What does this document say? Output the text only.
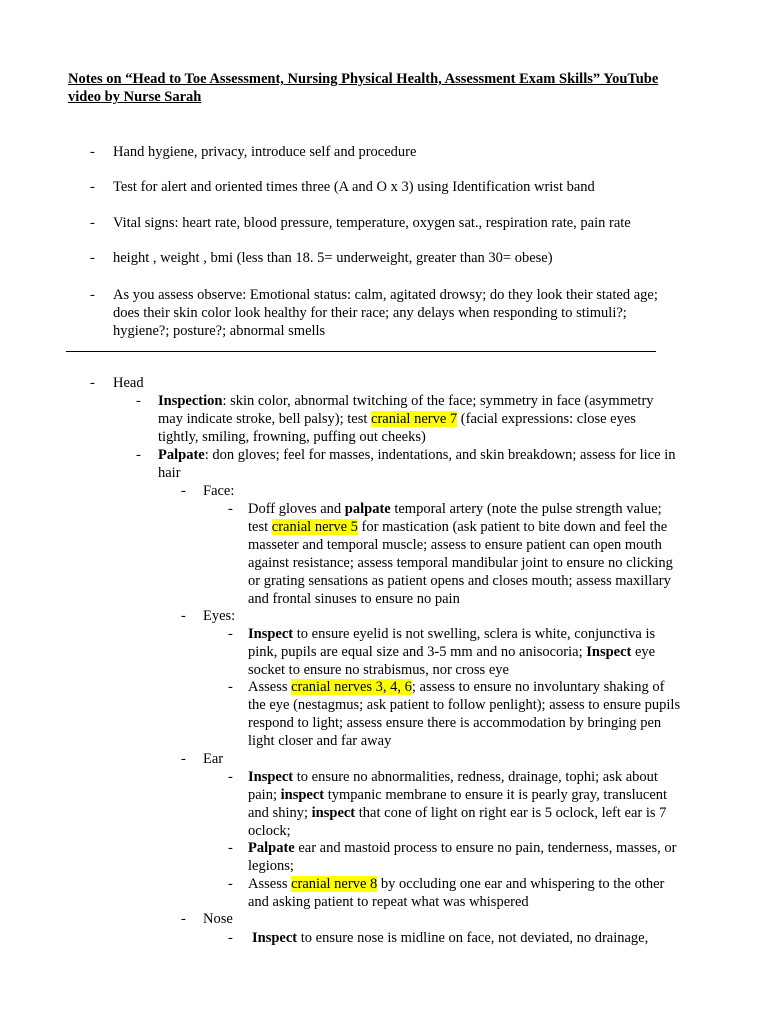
Notes on “Head to Toe Assessment, Nursing Physical Health, Assessment Exam Skills” YouTube
video by Nurse Sarah
- Hand hygiene, privacy, introduce self and procedure
- Test for alert and oriented times three (A and O x 3) using Identification wrist band
- Vital signs: heart rate, blood pressure, temperature, oxygen sat., respiration rate, pain rate
- height , weight , bmi (less than 18. 5= underweight, greater than 30= obese)
- As you assess observe: Emotional status: calm, agitated drowsy; do they look their stated age;
does their skin color look healthy for their race; any delays when responding to stimuli?;
hygiene?; posture?; abnormal smells
- Head
- Inspection: skin color, abnormal twitching of the face; symmetry in face (asymmetry
may indicate stroke, bell palsy); test cranial nerve 7 (facial expressions: close eyes
tightly, smiling, frowning, puffing out cheeks)
- Palpate: don gloves; feel for masses, indentations, and skin breakdown; assess for lice in
hair
- Face:
- Doff gloves and palpate temporal artery (note the pulse strength value;
test cranial nerve 5 for mastication (ask patient to bite down and feel the
masseter and temporal muscle; assess to ensure patient can open mouth
against resistance; assess temporal mandibular joint to ensure no clicking
or grating sensations as patient opens and closes mouth; assess maxillary
and frontal sinuses to ensure no pain
- Eyes:
- Inspect to ensure eyelid is not swelling, sclera is white, conjunctiva is
pink, pupils are equal size and 3-5 mm and no anisocoria; Inspect eye
socket to ensure no strabismus, nor cross eye
- Assess cranial nerves 3, 4, 6; assess to ensure no involuntary shaking of
the eye (nestagmus; ask patient to follow penlight); assess to ensure pupils
respond to light; assess ensure there is accommodation by bringing pen
light closer and far away
- Ear
- Inspect to ensure no abnormalities, redness, drainage, tophi; ask about
pain; inspect tympanic membrane to ensure it is pearly gray, translucent
and shiny; inspect that cone of light on right ear is 5 oclock, left ear is 7
oclock;
- Palpate ear and mastoid process to ensure no pain, tenderness, masses, or
legions;
- Assess cranial nerve 8 by occluding one ear and whispering to the other
and asking patient to repeat what was whispered
- Nose
- Inspect to ensure nose is midline on face, not deviated, no drainage,
